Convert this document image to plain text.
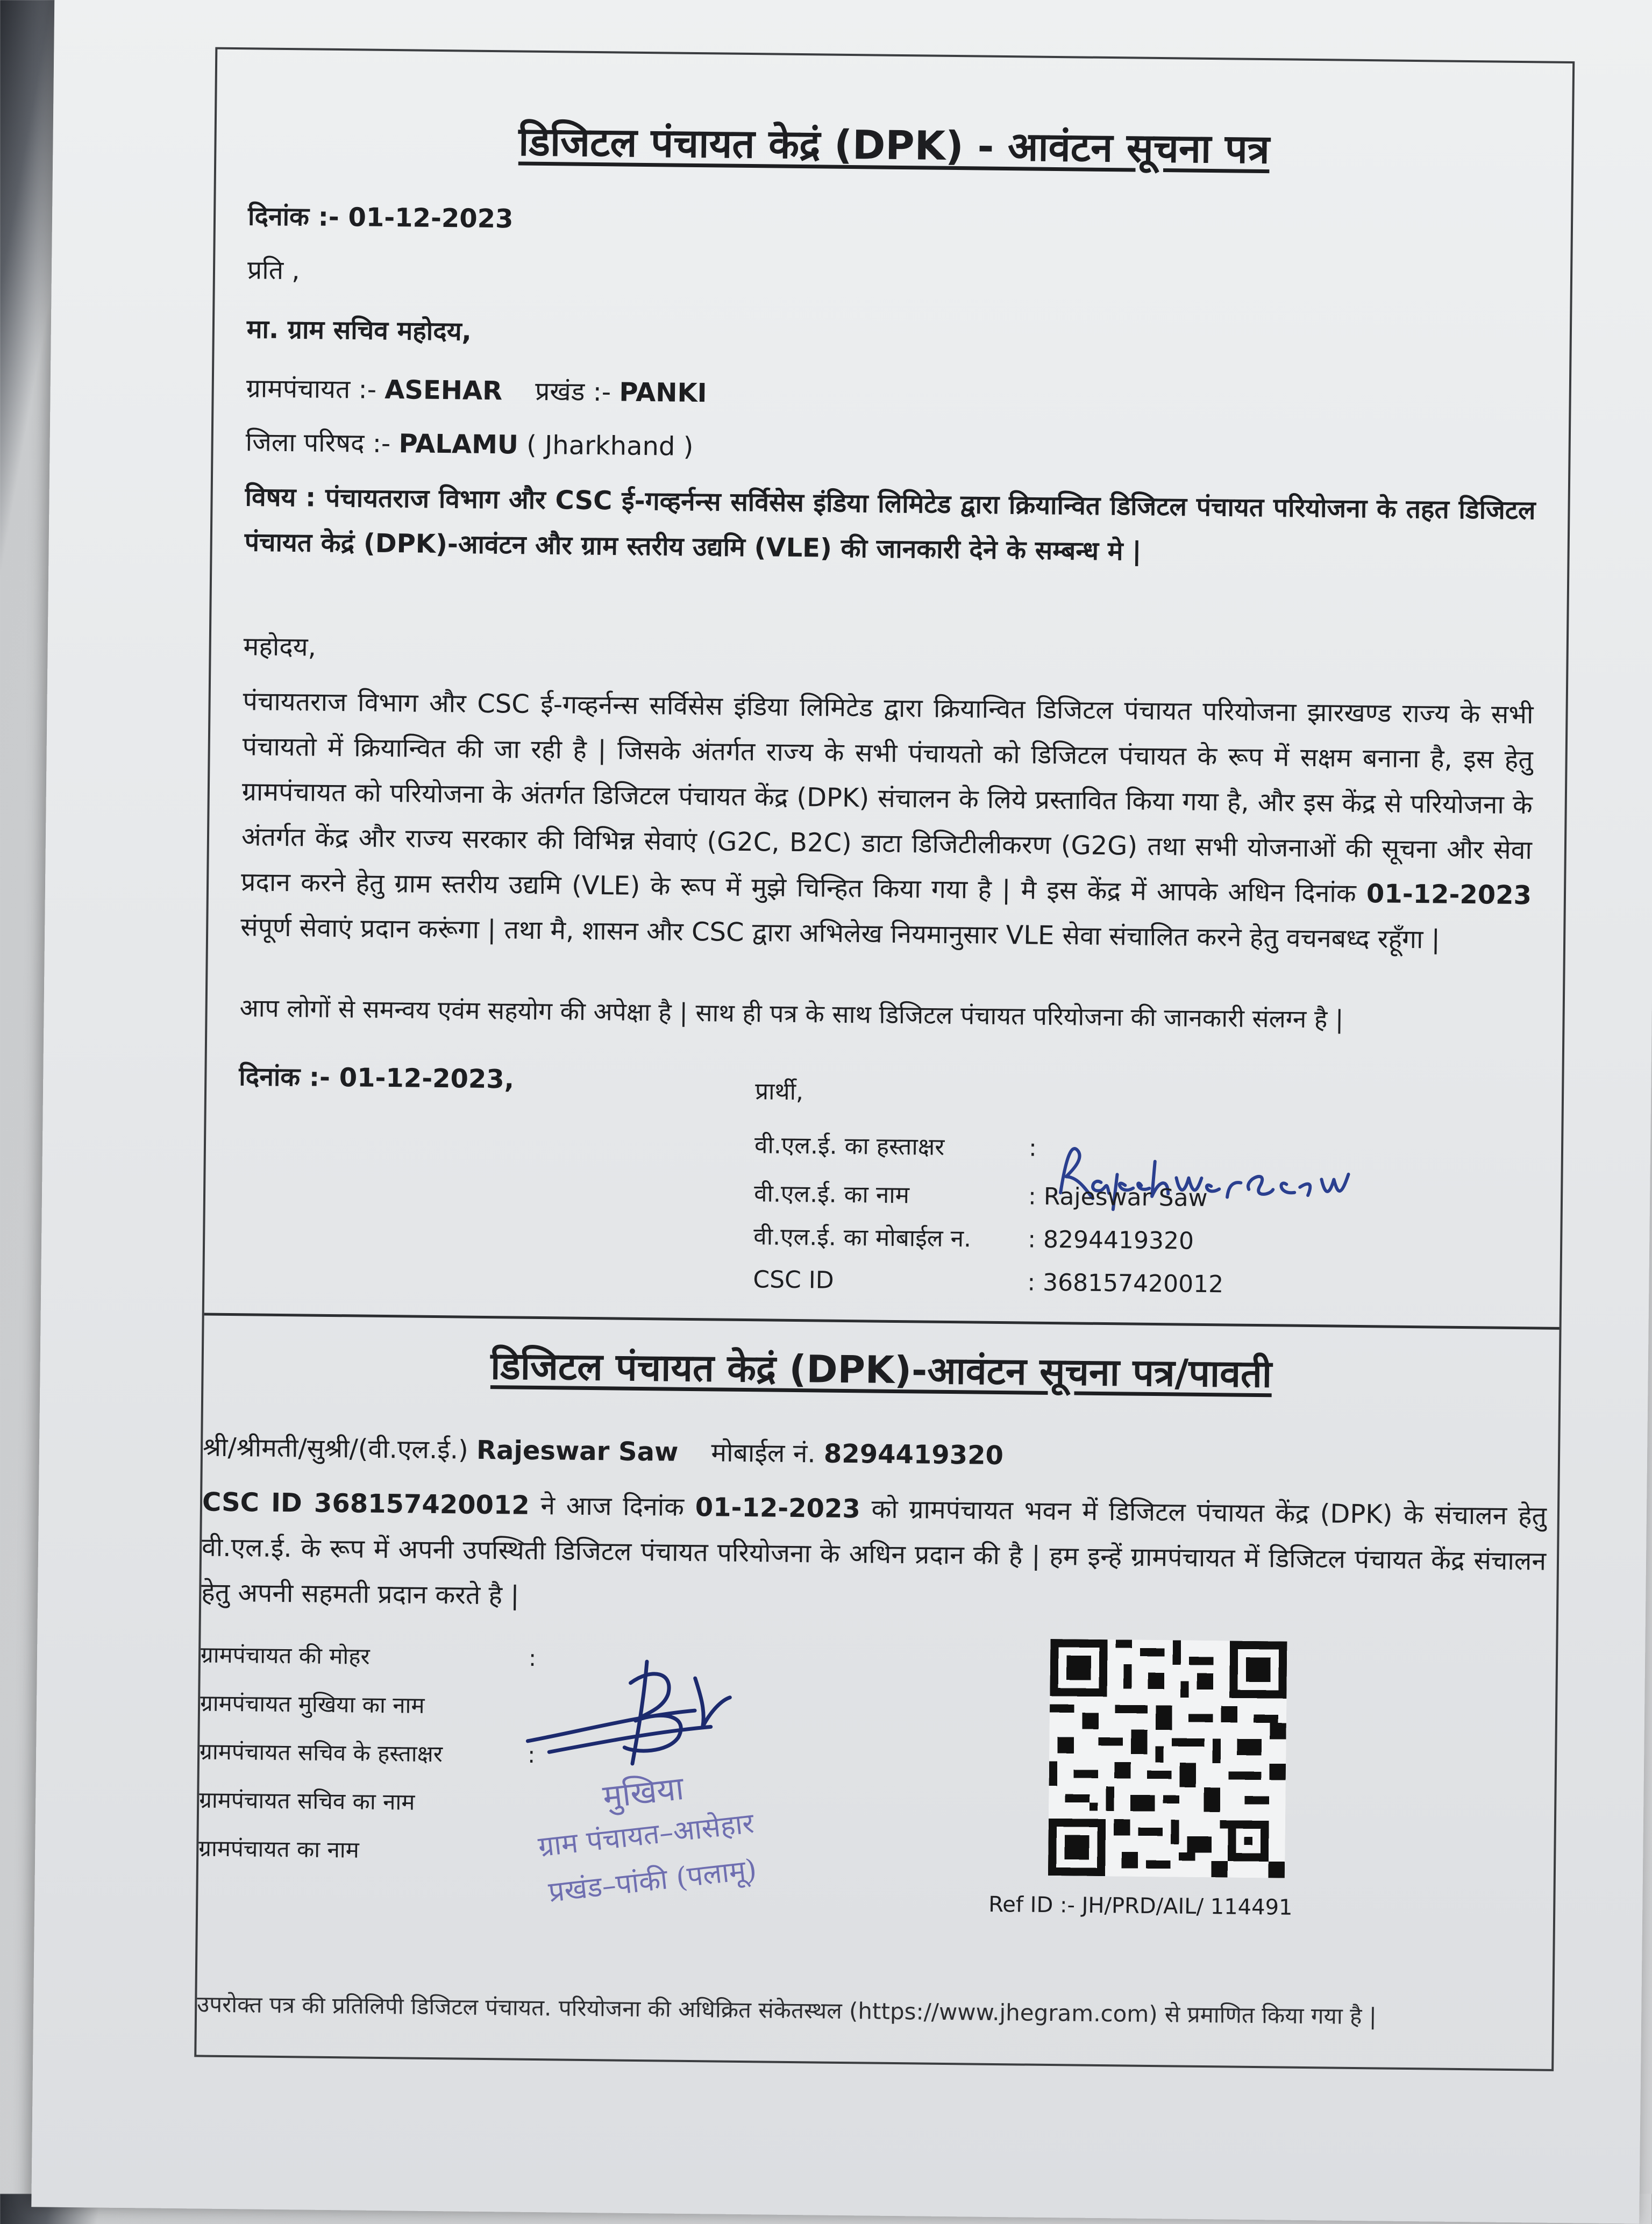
डिजिटल पंचायत केद्रं (DPK) - आवंटन सूचना पत्र
दिनांक :- 01-12-2023
प्रति ,
मा. ग्राम सचिव महोदय,
ग्रामपंचायत :- ASEHAR प्रखंड :- PANKI
जिला परिषद :- PALAMU ( Jharkhand )
विषय : पंचायतराज विभाग और CSC ई-गव्हर्नन्स सर्विसेस इंडिया लिमिटेड द्वारा क्रियान्वित डिजिटल पंचायत परियोजना के तहत डिजिटल पंचायत केद्रं (DPK)-आवंटन और ग्राम स्तरीय उद्यमि (VLE) की जानकारी देने के सम्बन्ध मे |
महोदय,
पंचायतराज विभाग और CSC ई-गव्हर्नन्स सर्विसेस इंडिया लिमिटेड द्वारा क्रियान्वित डिजिटल पंचायत परियोजना झारखण्ड राज्य के सभी पंचायतो में क्रियान्वित की जा रही है | जिसके अंतर्गत राज्य के सभी पंचायतो को डिजिटल पंचायत के रूप में सक्षम बनाना है, इस हेतु ग्रामपंचायत को परियोजना के अंतर्गत डिजिटल पंचायत केंद्र (DPK) संचालन के लिये प्रस्तावित किया गया है, और इस केंद्र से परियोजना के अंतर्गत केंद्र और राज्य सरकार की विभिन्न सेवाएं (G2C, B2C) डाटा डिजिटीलीकरण (G2G) तथा सभी योजनाओं की सूचना और सेवा प्रदान करने हेतु ग्राम स्तरीय उद्यमि (VLE) के रूप में मुझे चिन्हित किया गया है | मै इस केंद्र में आपके अधिन दिनांक 01-12-2023 संपूर्ण सेवाएं प्रदान करूंगा | तथा मै, शासन और CSC द्वारा अभिलेख नियमानुसार VLE सेवा संचालित करने हेतु वचनबध्द रहूँगा |
आप लोगों से समन्वय एवंम सहयोग की अपेक्षा है | साथ ही पत्र के साथ डिजिटल पंचायत परियोजना की जानकारी संलग्न है |
दिनांक :- 01-12-2023,	प्रार्थी,
वी.एल.ई. का हस्ताक्षर	:
वी.एल.ई. का नाम	: Rajeswar Saw
वी.एल.ई. का मोबाईल न. : 8294419320
CSC ID	: 368157420012
डिजिटल पंचायत केद्रं (DPK)-आवंटन सूचना पत्र/पावती
श्री/श्रीमती/सुश्री/(वी.एल.ई.) Rajeswar Saw मोबाईल नं. 8294419320
CSC ID 368157420012 ने आज दिनांक 01-12-2023 को ग्रामपंचायत भवन में डिजिटल पंचायत केंद्र (DPK) के संचालन हेतु वी.एल.ई. के रूप में अपनी उपस्थिती डिजिटल पंचायत परियोजना के अधिन प्रदान की है | हम इन्हें ग्रामपंचायत में डिजिटल पंचायत केंद्र संचालन हेतु अपनी सहमती प्रदान करते है |
ग्रामपंचायत की मोहर	:
ग्रामपंचायत मुखिया का नाम
ग्रामपंचायत सचिव के हस्ताक्षर	:
ग्रामपंचायत सचिव का नाम
ग्रामपंचायत का नाम
मुखिया
ग्राम पंचायत–आसेहार
प्रखंड–पांकी (पलामू)	Ref ID :- JH/PRD/AIL/ 114491
उपरोक्त पत्र की प्रतिलिपी डिजिटल पंचायत. परियोजना की अधिक्रित संकेतस्थल (https://www.jhegram.com) से प्रमाणित किया गया है |
